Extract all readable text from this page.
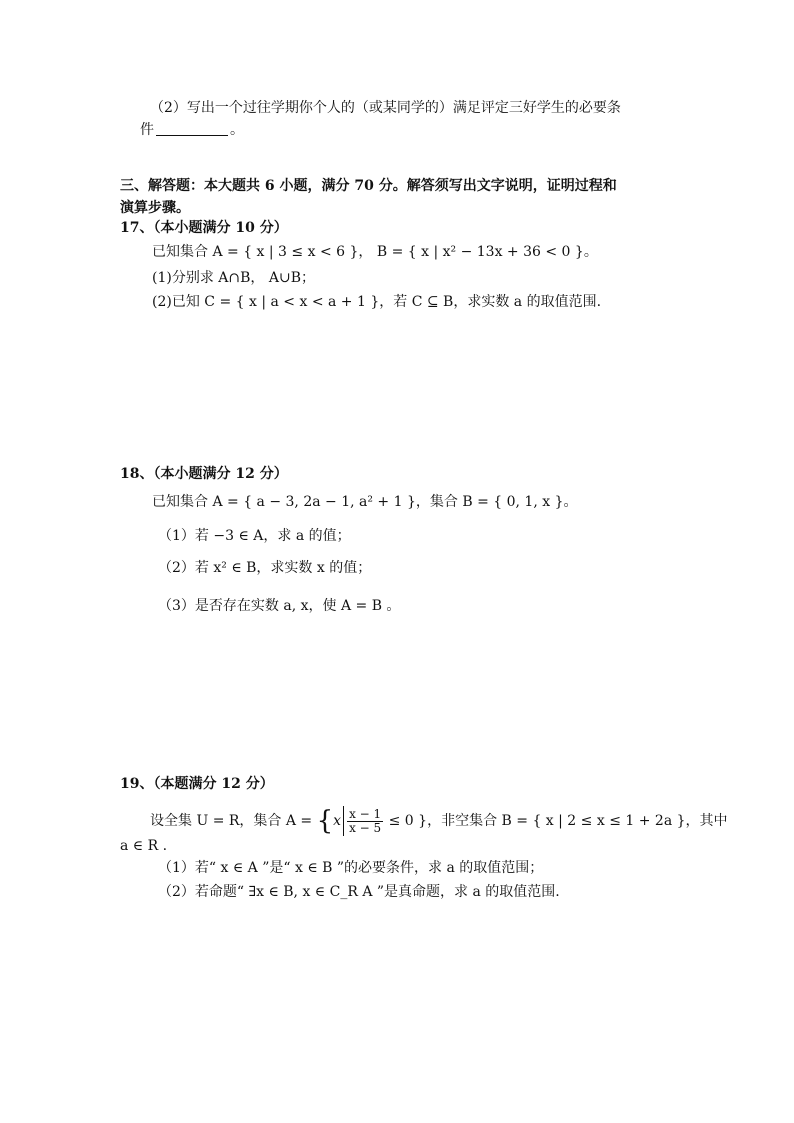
（2）写出一个过往学期你个人的（或某同学的）满足评定三好学生的必要条
件	。
三、解答题：本大题共 6 小题，满分 70 分。解答须写出文字说明，证明过程和
演算步骤。
17、（本小题满分 10 分）
已知集合 A = { x | 3 ≤ x < 6 }， B = { x | x² − 13x + 36 < 0 }。
(1)分别求 A∩B， A∪B；
(2)已知 C = { x | a < x < a + 1 }，若 C ⊆ B，求实数 a 的取值范围.
18、（本小题满分 12 分）
已知集合 A = { a − 3, 2a − 1, a² + 1 }，集合 B = { 0, 1, x }。
（1）若 −3 ∈ A，求 a 的值；
（2）若 x² ∈ B，求实数 x 的值；
（3）是否存在实数 a, x，使 A = B 。
19、（本题满分 12 分）
设全集 U = R，集合 $A = \{x \frac{x - 1}{x - 5} \le 0$ }，非空集合 B = { x | 2 ≤ x ≤ 1 + 2a }，其中
a ∈ R .
（1）若“ x ∈ A ”是“ x ∈ B ”的必要条件，求 a 的取值范围；
（2）若命题“ ∃x ∈ B, x ∈ C_R A ”是真命题，求 a 的取值范围.
